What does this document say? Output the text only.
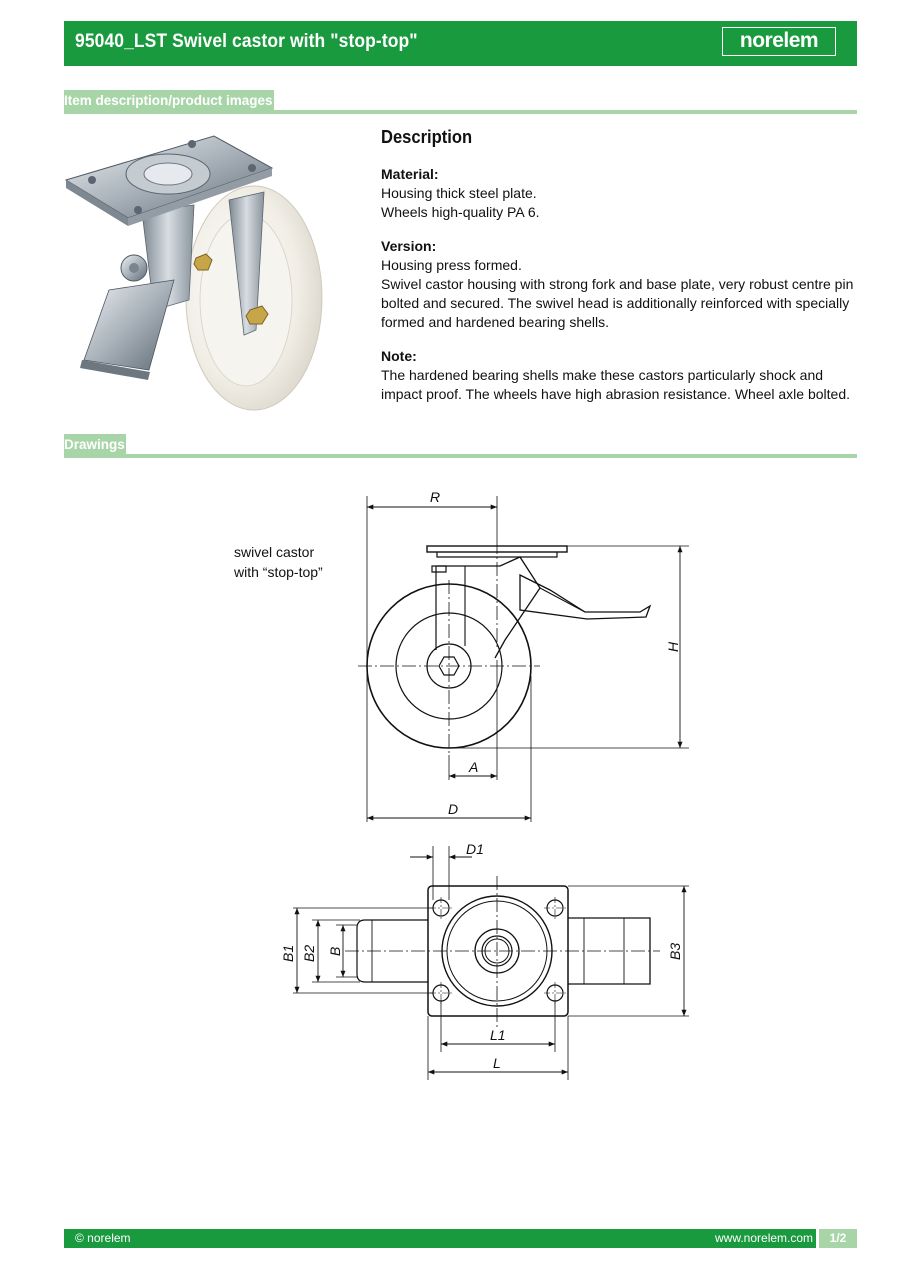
95040_LST Swivel castor with "stop-top"	norelem
Item description/product images
Description
Material:

Housing thick steel plate.

Wheels high-quality PA 6.

Version:

Housing press formed.

Swivel castor housing with strong fork and base plate, very robust centre pin bolted and secured. The swivel head is additionally reinforced with specially formed and hardened bearing shells.

Note:

The hardened bearing shells make these castors particularly shock and impact proof. The wheels have high abrasion resistance. Wheel axle bolted.

Drawings
swivel castor
with “stop-top”
R
H
A
D
D1
B1 B2 B	B3
L1
L
© norelem	www.norelem.com	1/2
